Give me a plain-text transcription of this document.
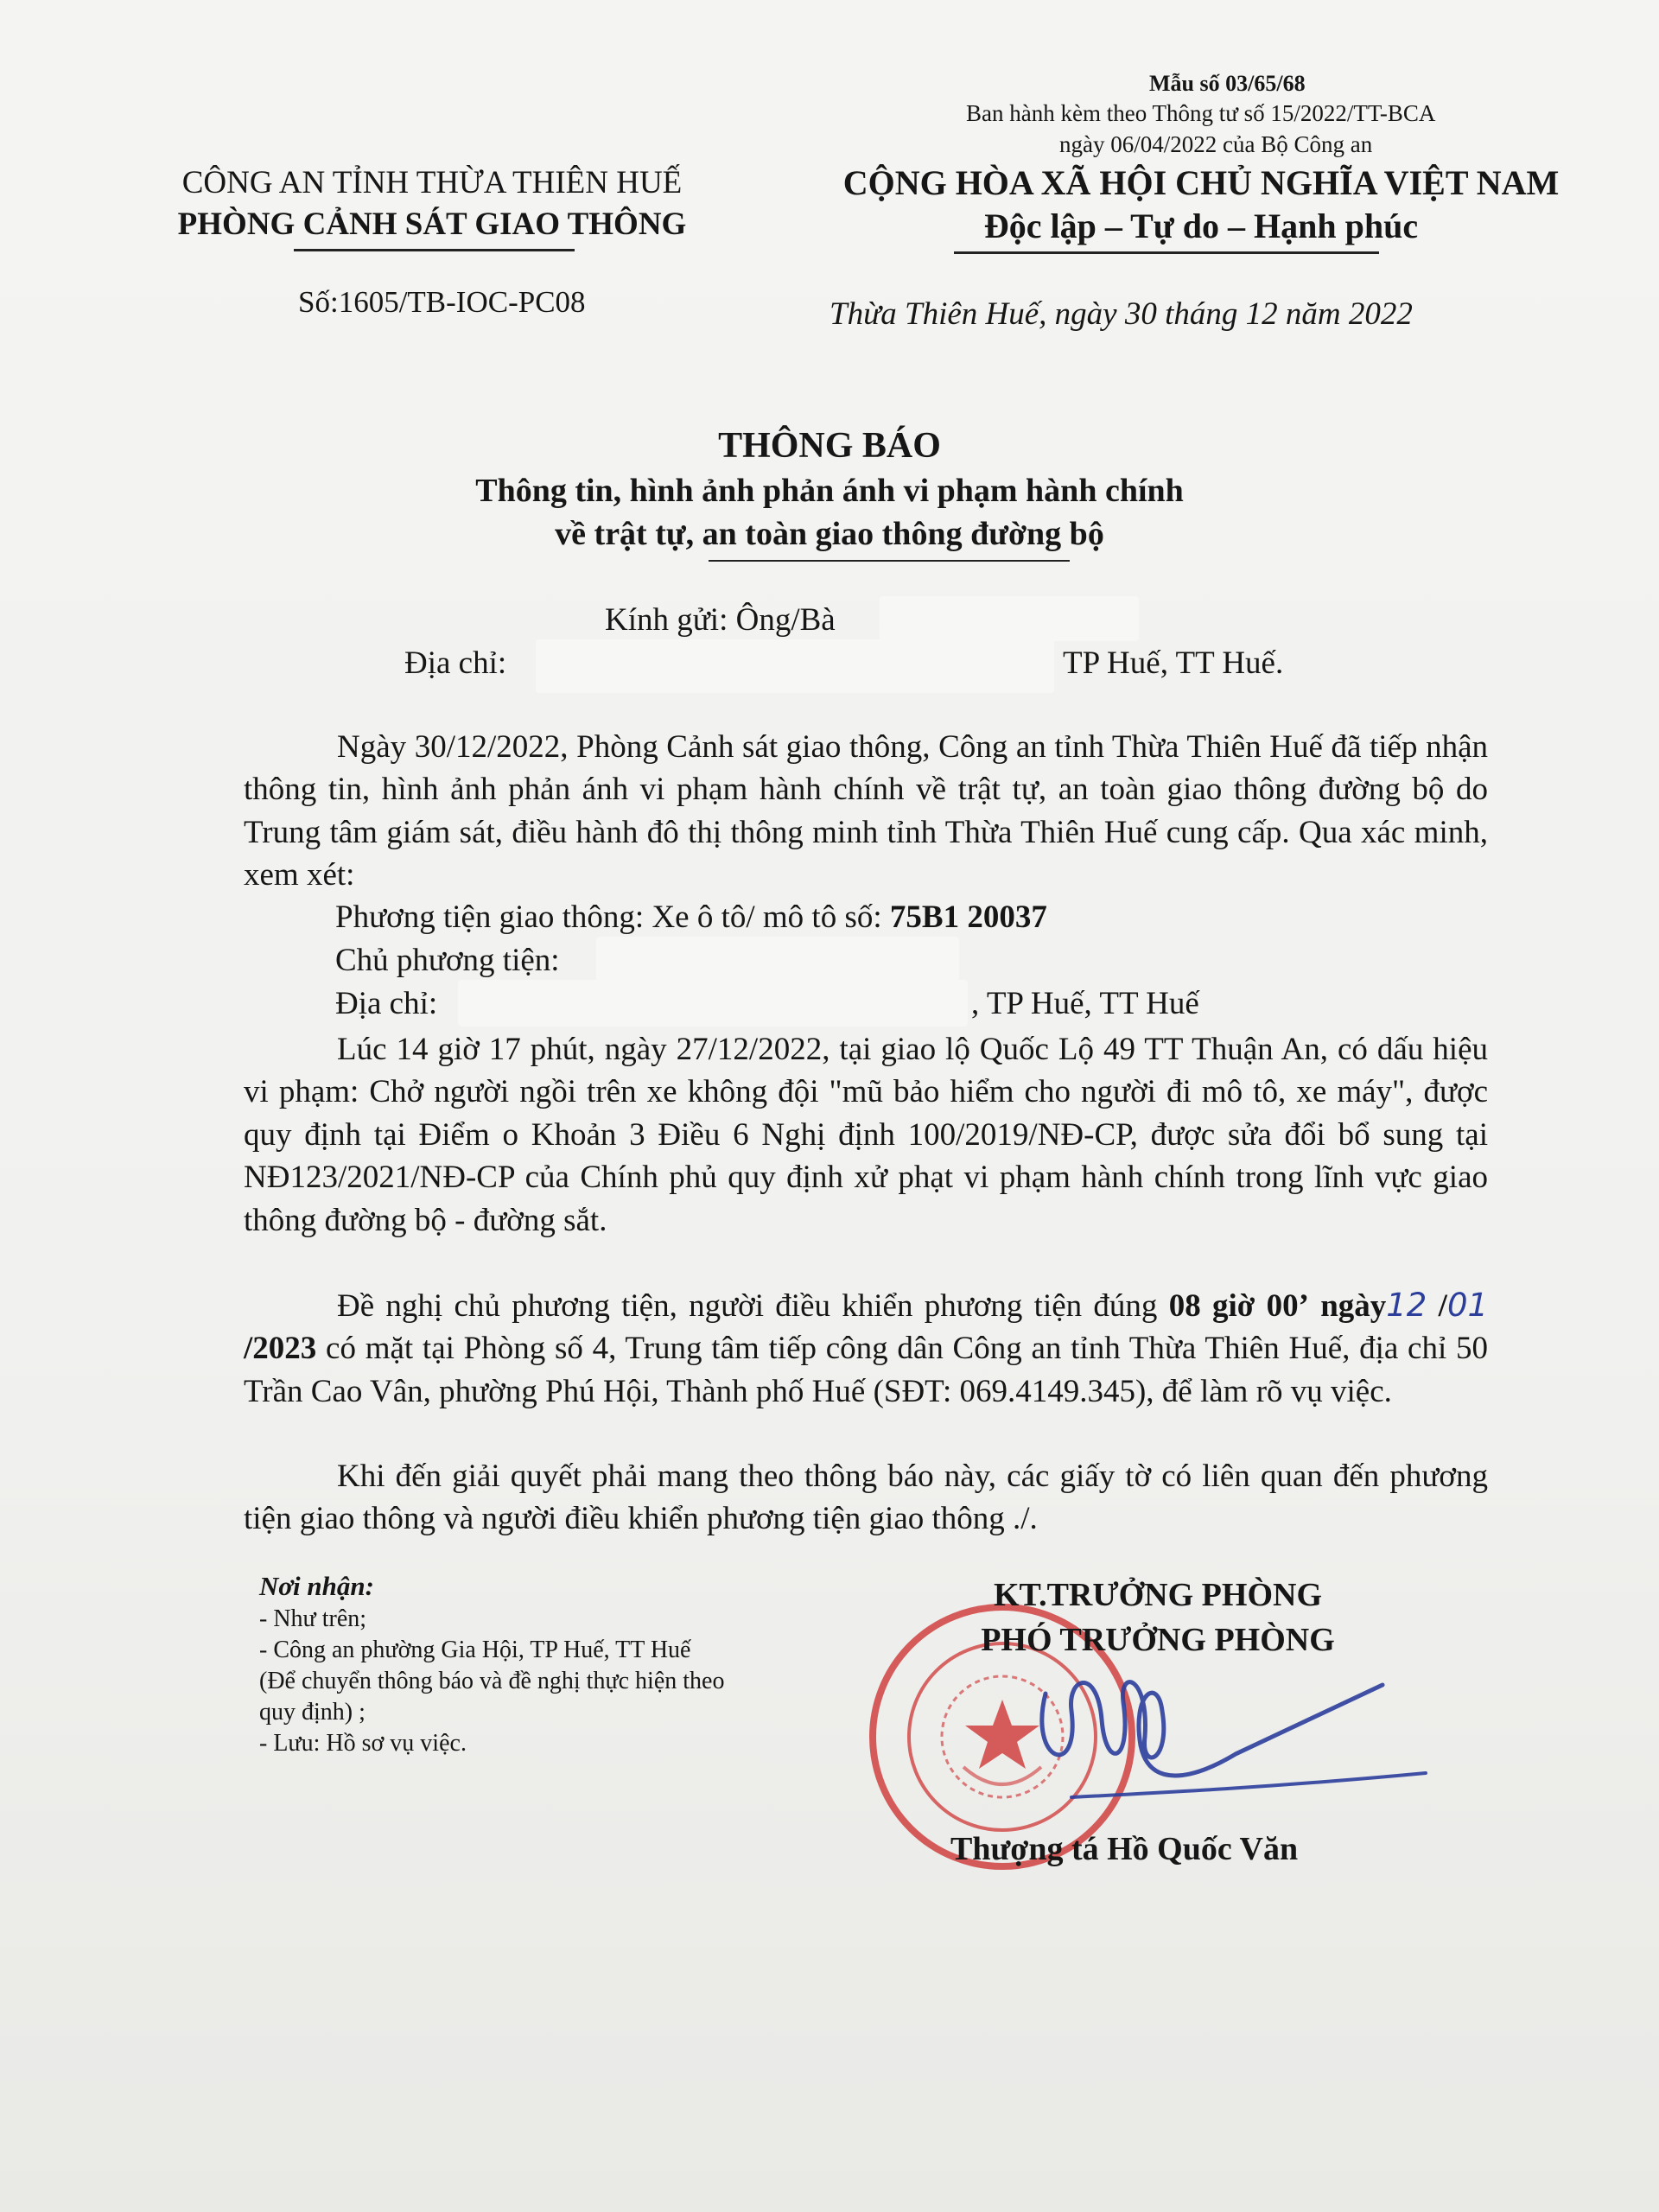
Mẫu số 03/65/68
Ban hành kèm theo Thông tư số 15/2022/TT-BCA
ngày 06/04/2022 của Bộ Công an
CÔNG AN TỈNH THỪA THIÊN HUẾ
PHÒNG CẢNH SÁT GIAO THÔNG
Số:1605/TB-IOC-PC08
CỘNG HÒA XÃ HỘI CHỦ NGHĨA VIỆT NAM
Độc lập – Tự do – Hạnh phúc
Thừa Thiên Huế, ngày 30 tháng 12 năm 2022
THÔNG BÁO
Thông tin, hình ảnh phản ánh vi phạm hành chính
về trật tự, an toàn giao thông đường bộ
Kính gửi: Ông/Bà
Địa chỉ:	TP Huế, TT Huế.

Ngày 30/12/2022, Phòng Cảnh sát giao thông, Công an tỉnh Thừa Thiên Huế đã tiếp nhận thông tin, hình ảnh phản ánh vi phạm hành chính về trật tự, an toàn giao thông đường bộ do Trung tâm giám sát, điều hành đô thị thông minh tỉnh Thừa Thiên Huế cung cấp. Qua xác minh, xem xét:

Phương tiện giao thông: Xe ô tô/ mô tô số: 75B1 20037
Chủ phương tiện:
Địa chỉ:	, TP Huế, TT Huế

Lúc 14 giờ 17 phút, ngày 27/12/2022, tại giao lộ Quốc Lộ 49 TT Thuận An, có dấu hiệu vi phạm: Chở người ngồi trên xe không đội "mũ bảo hiểm cho người đi mô tô, xe máy", được quy định tại Điểm o Khoản 3 Điều 6 Nghị định 100/2019/NĐ-CP, được sửa đổi bổ sung tại NĐ123/2021/NĐ-CP của Chính phủ quy định xử phạt vi phạm hành chính trong lĩnh vực giao thông đường bộ - đường sắt.

Đề nghị chủ phương tiện, người điều khiển phương tiện đúng 08 giờ 00’ ngày12 /01 /2023 có mặt tại Phòng số 4, Trung tâm tiếp công dân Công an tỉnh Thừa Thiên Huế, địa chỉ 50 Trần Cao Vân, phường Phú Hội, Thành phố Huế (SĐT: 069.4149.345), để làm rõ vụ việc.

Khi đến giải quyết phải mang theo thông báo này, các giấy tờ có liên quan đến phương tiện giao thông và người điều khiển phương tiện giao thông ./.

Nơi nhận:
- Như trên;
- Công an phường Gia Hội, TP Huế, TT Huế
(Để chuyển thông báo và đề nghị thực hiện theo
quy định) ;
- Lưu: Hồ sơ vụ việc.
KT.TRƯỞNG PHÒNG
PHÓ TRƯỞNG PHÒNG
Thượng tá Hồ Quốc Văn
